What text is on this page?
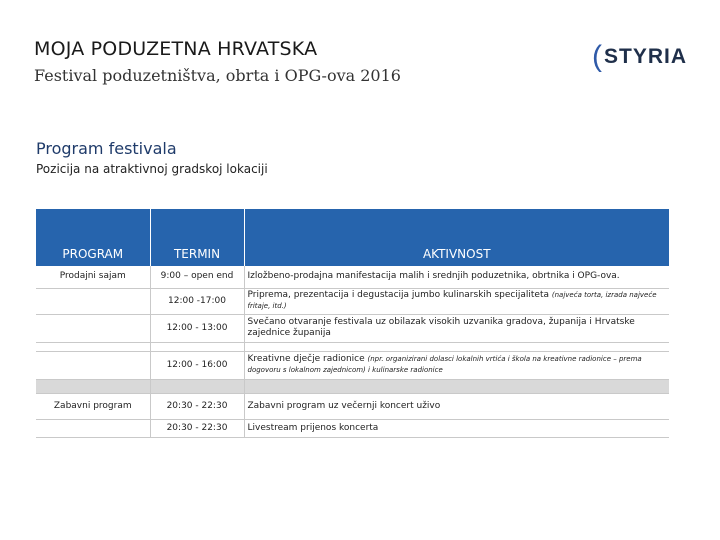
MOJA PODUZETNA HRVATSKA
Festival poduzetništva, obrta i OPG-ova 2016
( STYRIA
Program festivala
Pozicija na atraktivnoj gradskoj lokaciji
PROGRAM	TERMIN	AKTIVNOST
Prodajni sajam	9:00 – open end	Izložbeno-prodajna manifestacija malih i srednjih poduzetnika, obrtnika i OPG-ova.
	12:00 -17:00	Priprema, prezentacija i degustacija jumbo kulinarskih specijaliteta (najveća torta, izrada najveće fritaje, itd.)
	12:00 - 13:00	Svečano otvaranje festivala uz obilazak visokih uzvanika gradova, županija i Hrvatske zajednice županija

	12:00 - 16:00	Kreativne dječje radionice (npr. organizirani dolasci lokalnih vrtića i škola na kreativne radionice – prema dogovoru s lokalnom zajednicom) i kulinarske radionice

Zabavni program	20:30 - 22:30	Zabavni program uz večernji koncert uživo
	20:30 - 22:30	Livestream prijenos koncerta
